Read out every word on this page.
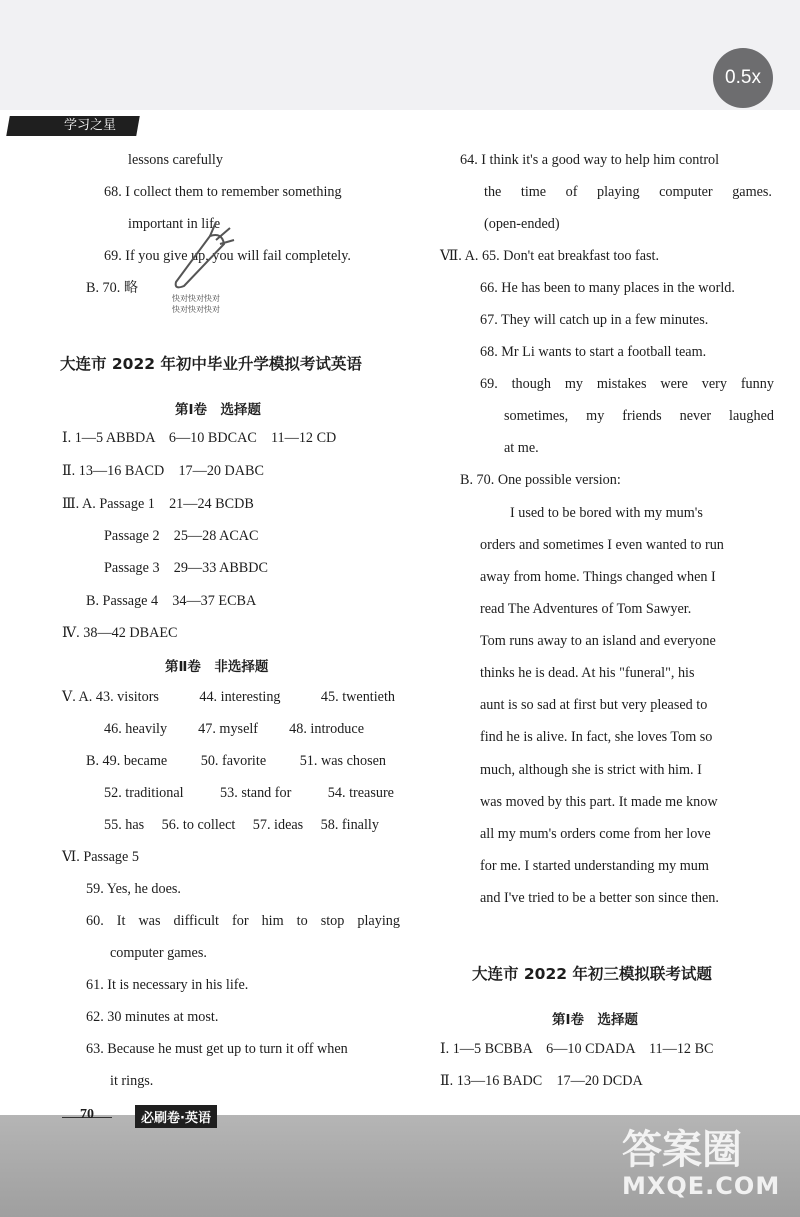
0.5x
学习之星
lessons carefully
68. I collect them to remember something
important in life
69. If you give up, you will fail completely.
B. 70. 略
快对快对快对
快对快对快对
大连市 2022 年初中毕业升学模拟考试英语
第Ⅰ卷　选择题
Ⅰ. 1—5 ABBDA　6—10 BDCAC　11—12 CD
Ⅱ. 13—16 BACD　17—20 DABC
Ⅲ. A. Passage 1　21—24 BCDB
Passage 2　25—28 ACAC
Passage 3　29—33 ABBDC
B. Passage 4　34—37 ECBA
Ⅳ. 38—42 DBAEC
第Ⅱ卷　非选择题
Ⅴ. A. 43. visitors	44. interesting	45. twentieth
46. heavily 47. myself 48. introduce
B. 49. became 50. favorite 51. was chosen
52. traditional	53. stand for	54. treasure
55. has 56. to collect 57. ideas 58. finally
Ⅵ. Passage 5
59. Yes, he does.
60. It was difficult for him to stop playing
computer games.
61. It is necessary in his life.
62. 30 minutes at most.
63. Because he must get up to turn it off when
it rings.
64. I think it's a good way to help him control
the time of playing computer games.
(open-ended)
Ⅶ. A. 65. Don't eat breakfast too fast.
66. He has been to many places in the world.
67. They will catch up in a few minutes.
68. Mr Li wants to start a football team.
69. though my mistakes were very funny
sometimes, my friends never laughed
at me.
B. 70. One possible version:
I used to be bored with my mum's
orders and sometimes I even wanted to run
away from home. Things changed when I
read The Adventures of Tom Sawyer.
Tom runs away to an island and everyone
thinks he is dead. At his "funeral", his
aunt is so sad at first but very pleased to
find he is alive. In fact, she loves Tom so
much, although she is strict with him. I
was moved by this part. It made me know
all my mum's orders come from her love
for me. I started understanding my mum
and I've tried to be a better son since then.
大连市 2022 年初三模拟联考试题
第Ⅰ卷　选择题
Ⅰ. 1—5 BCBBA　6—10 CDADA　11—12 BC
Ⅱ. 13—16 BADC　17—20 DCDA
70	必刷卷·英语
答案圈
MXQE.COM
